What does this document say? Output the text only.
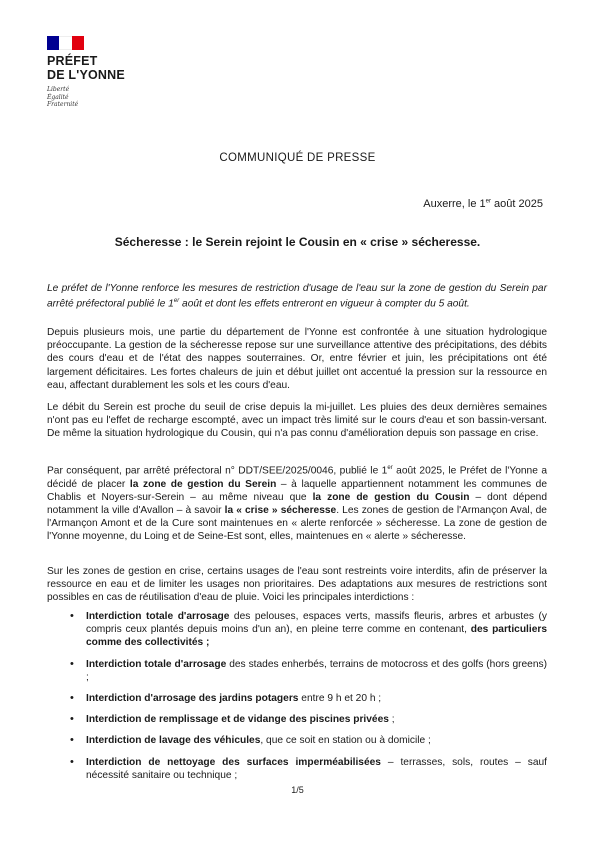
PRÉFET
DE L'YONNE
Liberté
Égalité
Fraternité
COMMUNIQUÉ DE PRESSE
Auxerre, le 1er août 2025
Sécheresse : le Serein rejoint le Cousin en « crise » sécheresse.
Le préfet de l'Yonne renforce les mesures de restriction d'usage de l'eau sur la zone de gestion du Serein par arrêté préfectoral publié le 1er août et dont les effets entreront en vigueur à compter du 5 août.
Depuis plusieurs mois, une partie du département de l'Yonne est confrontée à une situation hydrologique préoccupante. La gestion de la sécheresse repose sur une surveillance attentive des précipitations, des débits des cours d'eau et de l'état des nappes souterraines. Or, entre février et juin, les précipitations ont été largement déficitaires. Les fortes chaleurs de juin et début juillet ont accentué la pression sur la ressource en eau, affectant durablement les sols et les cours d'eau.
Le débit du Serein est proche du seuil de crise depuis la mi-juillet. Les pluies des deux dernières semaines n'ont pas eu l'effet de recharge escompté, avec un impact très limité sur le cours d'eau et son bassin-versant. De même la situation hydrologique du Cousin, qui n'a pas connu d'amélioration depuis son passage en crise.
Par conséquent, par arrêté préfectoral n° DDT/SEE/2025/0046, publié le 1er août 2025, le Préfet de l'Yonne a décidé de placer la zone de gestion du Serein – à laquelle appartiennent notamment les communes de Chablis et Noyers-sur-Serein – au même niveau que la zone de gestion du Cousin – dont dépend notamment la ville d'Avallon – à savoir la « crise » sécheresse. Les zones de gestion de l'Armançon Aval, de l'Armançon Amont et de la Cure sont maintenues en « alerte renforcée » sécheresse. La zone de gestion de l'Yonne moyenne, du Loing et de Seine-Est sont, elles, maintenues en « alerte » sécheresse.
Sur les zones de gestion en crise, certains usages de l'eau sont restreints voire interdits, afin de préserver la ressource en eau et de limiter les usages non prioritaires. Des adaptations aux mesures de restrictions sont possibles en cas de réutilisation d'eau de pluie. Voici les principales interdictions :
• Interdiction totale d'arrosage des pelouses, espaces verts, massifs fleuris, arbres et arbustes (y compris ceux plantés depuis moins d'un an), en pleine terre comme en contenant, des particuliers comme des collectivités ;
• Interdiction totale d'arrosage des stades enherbés, terrains de motocross et des golfs (hors greens) ;
• Interdiction d'arrosage des jardins potagers entre 9 h et 20 h ;
• Interdiction de remplissage et de vidange des piscines privées ;
• Interdiction de lavage des véhicules, que ce soit en station ou à domicile ;
• Interdiction de nettoyage des surfaces imperméabilisées – terrasses, sols, routes – sauf nécessité sanitaire ou technique ;
1/5
